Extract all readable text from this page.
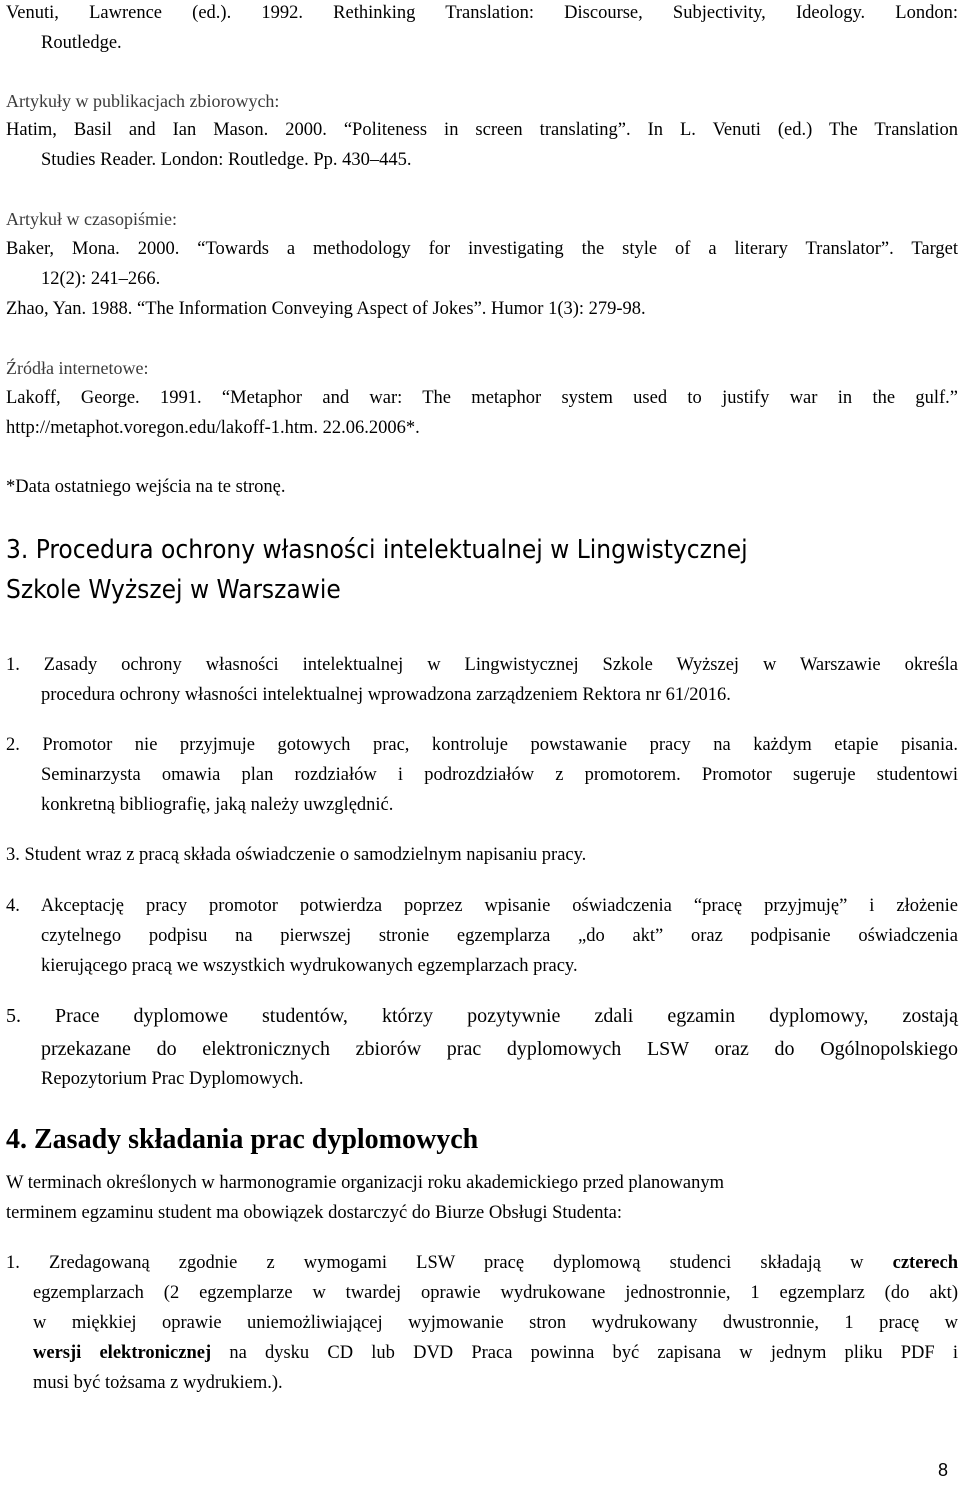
Venuti, Lawrence (ed.). 1992. Rethinking Translation: Discourse, Subjectivity, Ideology. London:
Routledge.
Artykuły w publikacjach zbiorowych:
Hatim, Basil and Ian Mason. 2000. “Politeness in screen translating”. In L. Venuti (ed.) The Translation
Studies Reader. London: Routledge. Pp. 430–445.
Artykuł w czasopiśmie:
Baker, Mona. 2000. “Towards a methodology for investigating the style of a literary Translator”. Target
12(2): 241–266.
Zhao, Yan. 1988. “The Information Conveying Aspect of Jokes”. Humor 1(3): 279-98.
Źródła internetowe:
Lakoff, George. 1991. “Metaphor and war: The metaphor system used to justify war in the gulf.”
http://metaphot.voregon.edu/lakoff-1.htm. 22.06.2006*.
*Data ostatniego wejścia na te stronę.
3. Procedura ochrony własności intelektualnej w Lingwistycznej
Szkole Wyższej w Warszawie
1. Zasady ochrony własności intelektualnej w Lingwistycznej Szkole Wyższej w Warszawie określa
procedura ochrony własności intelektualnej wprowadzona zarządzeniem Rektora nr 61/2016.
2. Promotor nie przyjmuje gotowych prac, kontroluje powstawanie pracy na każdym etapie pisania.
Seminarzysta omawia plan rozdziałów i podrozdziałów z promotorem. Promotor sugeruje studentowi
konkretną bibliografię, jaką należy uwzględnić.
3. Student wraz z pracą składa oświadczenie o samodzielnym napisaniu pracy.
4. Akceptację pracy promotor potwierdza poprzez wpisanie oświadczenia “pracę przyjmuję” i złożenie
czytelnego podpisu na pierwszej stronie egzemplarza „do akt” oraz podpisanie oświadczenia
kierującego pracą we wszystkich wydrukowanych egzemplarzach pracy.
5. Prace dyplomowe studentów, którzy pozytywnie zdali egzamin dyplomowy, zostają
przekazane do elektronicznych zbiorów prac dyplomowych LSW oraz do Ogólnopolskiego
Repozytorium Prac Dyplomowych.
4. Zasady składania prac dyplomowych
W terminach określonych w harmonogramie organizacji roku akademickiego przed planowanym
terminem egzaminu student ma obowiązek dostarczyć do Biurze Obsługi Studenta:
1. Zredagowaną zgodnie z wymogami LSW pracę dyplomową studenci składają w czterech
egzemplarzach (2 egzemplarze w twardej oprawie wydrukowane jednostronnie, 1 egzemplarz (do akt)
w miękkiej oprawie uniemożliwiającej wyjmowanie stron wydrukowany dwustronnie, 1 pracę w
wersji elektronicznej na dysku CD lub DVD Praca powinna być zapisana w jednym pliku PDF i
musi być tożsama z wydrukiem.).
8
